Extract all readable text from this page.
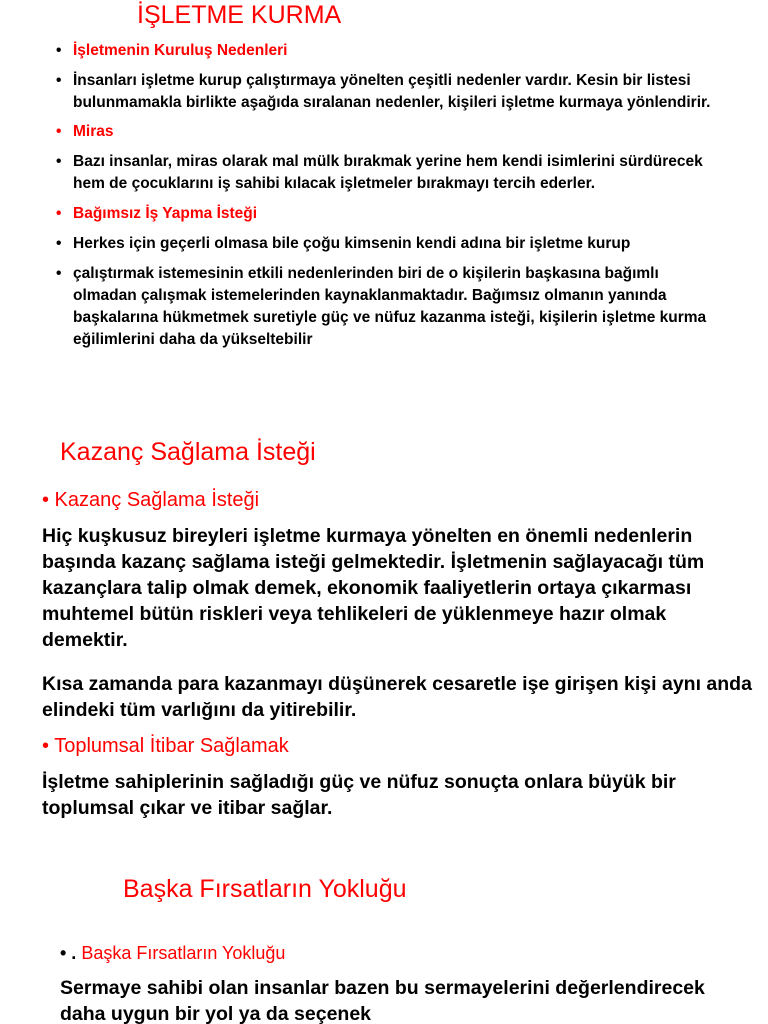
İŞLETME KURMA
• İşletmenin Kuruluş Nedenleri
• İnsanları işletme kurup çalıştırmaya yönelten çeşitli nedenler vardır. Kesin bir listesi bulunmamakla birlikte aşağıda sıralanan nedenler, kişileri işletme kurmaya yönlendirir.
• Miras
• Bazı insanlar, miras olarak mal mülk bırakmak yerine hem kendi isimlerini sürdürecek hem de çocuklarını iş sahibi kılacak işletmeler bırakmayı tercih ederler.
• Bağımsız İş Yapma İsteği
• Herkes için geçerli olmasa bile çoğu kimsenin kendi adına bir işletme kurup
• çalıştırmak istemesinin etkili nedenlerinden biri de o kişilerin başkasına bağımlı olmadan çalışmak istemelerinden kaynaklanmaktadır. Bağımsız olmanın yanında başkalarına hükmetmek suretiyle güç ve nüfuz kazanma isteği, kişilerin işletme kurma eğilimlerini daha da yükseltebilir
Kazanç Sağlama İsteği
• Kazanç Sağlama İsteği

Hiç kuşkusuz bireyleri işletme kurmaya yönelten en önemli nedenlerin başında kazanç sağlama isteği gelmektedir. İşletmenin sağlayacağı tüm kazançlara talip olmak demek, ekonomik faaliyetlerin ortaya çıkarması muhtemel bütün riskleri veya tehlikeleri de yüklenmeye hazır olmak demektir.

Kısa zamanda para kazanmayı düşünerek cesaretle işe girişen kişi aynı anda elindeki tüm varlığını da yitirebilir.

• Toplumsal İtibar Sağlamak

İşletme sahiplerinin sağladığı güç ve nüfuz sonuçta onlara büyük bir toplumsal çıkar ve itibar sağlar.

Başka Fırsatların Yokluğu
• . Başka Fırsatların Yokluğu

Sermaye sahibi olan insanlar bazen bu sermayelerini değerlendirecek daha uygun bir yol ya da seçenek
